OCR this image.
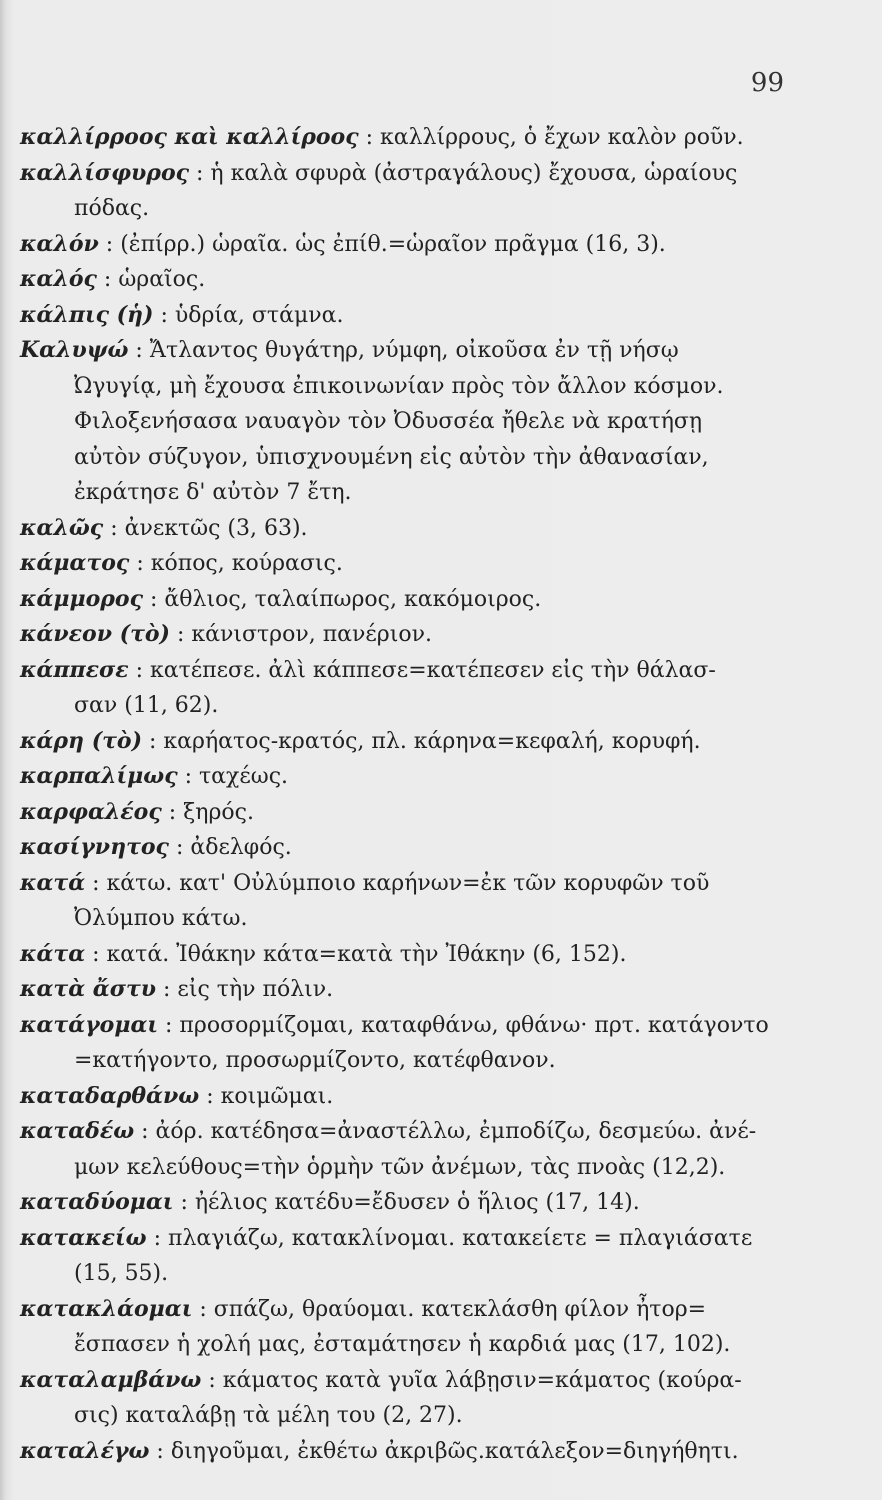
99
καλλίρροος καὶ καλλίροος : καλλίρρους, ὁ ἔχων καλὸν ροῦν.
καλλίσφυρος : ἡ καλὰ σφυρὰ (ἀστραγάλους) ἔχουσα, ὡραίους
πόδας.
καλόν : (ἐπίρρ.) ὡραῖα. ὡς ἐπίθ.=ὡραῖον πρᾶγμα (16, 3).
καλός : ὡραῖος.
κάλπις (ἡ) : ὑδρία, στάμνα.
Καλυψώ : Ἄτλαντος θυγάτηρ, νύμφη, οἰκοῦσα ἐν τῇ νήσῳ
Ὠγυγίᾳ, μὴ ἔχουσα ἐπικοινωνίαν πρὸς τὸν ἄλλον κόσμον.
Φιλοξενήσασα ναυαγὸν τὸν Ὀδυσσέα ἤθελε νὰ κρατήσῃ
αὐτὸν σύζυγον, ὑπισχνουμένη εἰς αὐτὸν τὴν ἀθανασίαν,
ἐκράτησε δ' αὐτὸν 7 ἔτη.
καλῶς : ἀνεκτῶς (3, 63).
κάματος : κόπος, κούρασις.
κάμμορος : ἄθλιος, ταλαίπωρος, κακόμοιρος.
κάνεον (τὸ) : κάνιστρον, πανέριον.
κάππεσε : κατέπεσε. ἀλὶ κάππεσε=κατέπεσεν εἰς τὴν θάλασ-
σαν (11, 62).
κάρη (τὸ) : καρήατος-κρατός, πλ. κάρηνα=κεφαλή, κορυφή.
καρπαλίμως : ταχέως.
καρφαλέος : ξηρός.
κασίγνητος : ἀδελφός.
κατά : κάτω. κατ' Οὐλύμποιο καρήνων=ἐκ τῶν κορυφῶν τοῦ
Ὀλύμπου κάτω.
κάτα : κατά. Ἰθάκην κάτα=κατὰ τὴν Ἰθάκην (6, 152).
κατὰ ἄστυ : εἰς τὴν πόλιν.
κατάγομαι : προσορμίζομαι, καταφθάνω, φθάνω· πρτ. κατάγοντο
=κατήγοντο, προσωρμίζοντο, κατέφθανον.
καταδαρθάνω : κοιμῶμαι.
καταδέω : ἀόρ. κατέδησα=ἀναστέλλω, ἐμποδίζω, δεσμεύω. ἀνέ-
μων κελεύθους=τὴν ὁρμὴν τῶν ἀνέμων, τὰς πνοὰς (12,2).
καταδύομαι : ἠέλιος κατέδυ=ἔδυσεν ὁ ἥλιος (17, 14).
κατακείω : πλαγιάζω, κατακλίνομαι. κατακείετε = πλαγιάσατε
(15, 55).
κατακλάομαι : σπάζω, θραύομαι. κατεκλάσθη φίλον ἦτορ=
ἔσπασεν ἡ χολή μας, ἐσταμάτησεν ἡ καρδιά μας (17, 102).
καταλαμβάνω : κάματος κατὰ γυῖα λάβῃσιν=κάματος (κούρα-
σις) καταλάβῃ τὰ μέλη του (2, 27).
καταλέγω : διηγοῦμαι, ἐκθέτω ἀκριβῶς.κατάλεξον=διηγήθητι.
